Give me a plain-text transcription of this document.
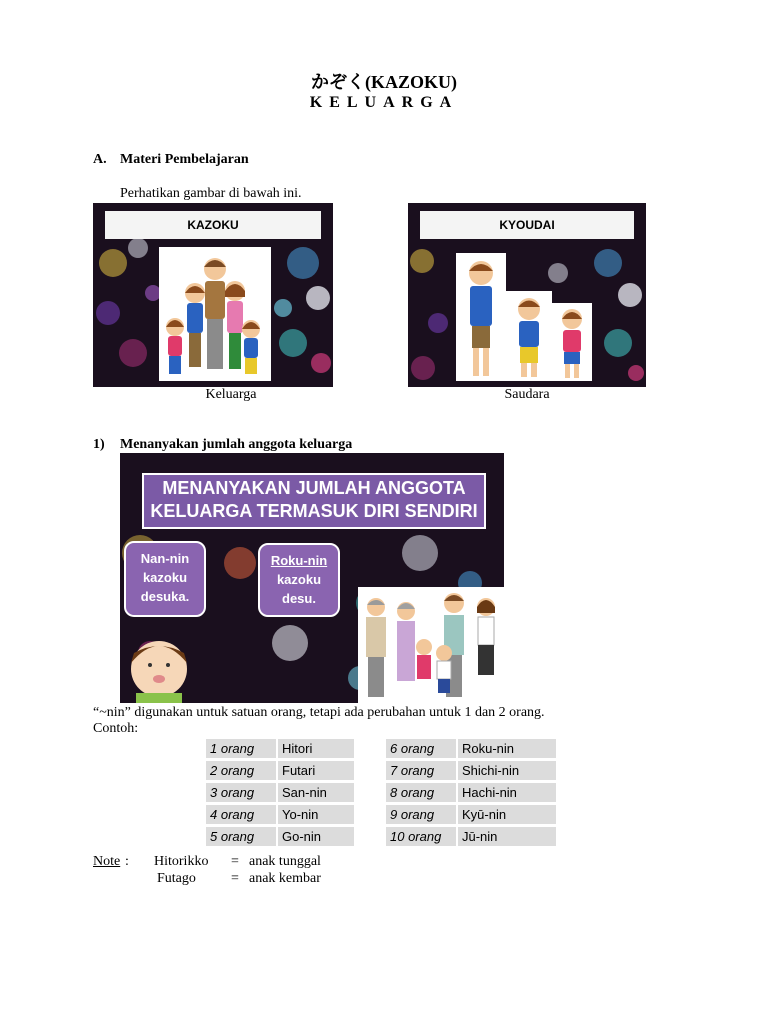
かぞく(KAZOKU)
KELUARGA
A. Materi Pembelajaran
Perhatikan gambar di bawah ini.
KAZOKU
Keluarga
KYOUDAI
Saudara
1) Menanyakan jumlah anggota keluarga
MENANYAKAN JUMLAH ANGGOTA
KELUARGA TERMASUK DIRI SENDIRI
Nan-nin
kazoku
desuka.
Roku-nin
kazoku
desu.
“~nin” digunakan untuk satuan orang, tetapi ada perubahan untuk 1 dan 2 orang.
Contoh:
1 orang	Hitori
2 orang	Futari
3 orang	San-nin
4 orang	Yo-nin
5 orang	Go-nin
6 orang	Roku-nin
7 orang	Shichi-nin
8 orang	Hachi-nin
9 orang	Kyū-nin
10 orang	Jū-nin
Note : Hitorikko = anak tunggal
Futago	= anak kembar
